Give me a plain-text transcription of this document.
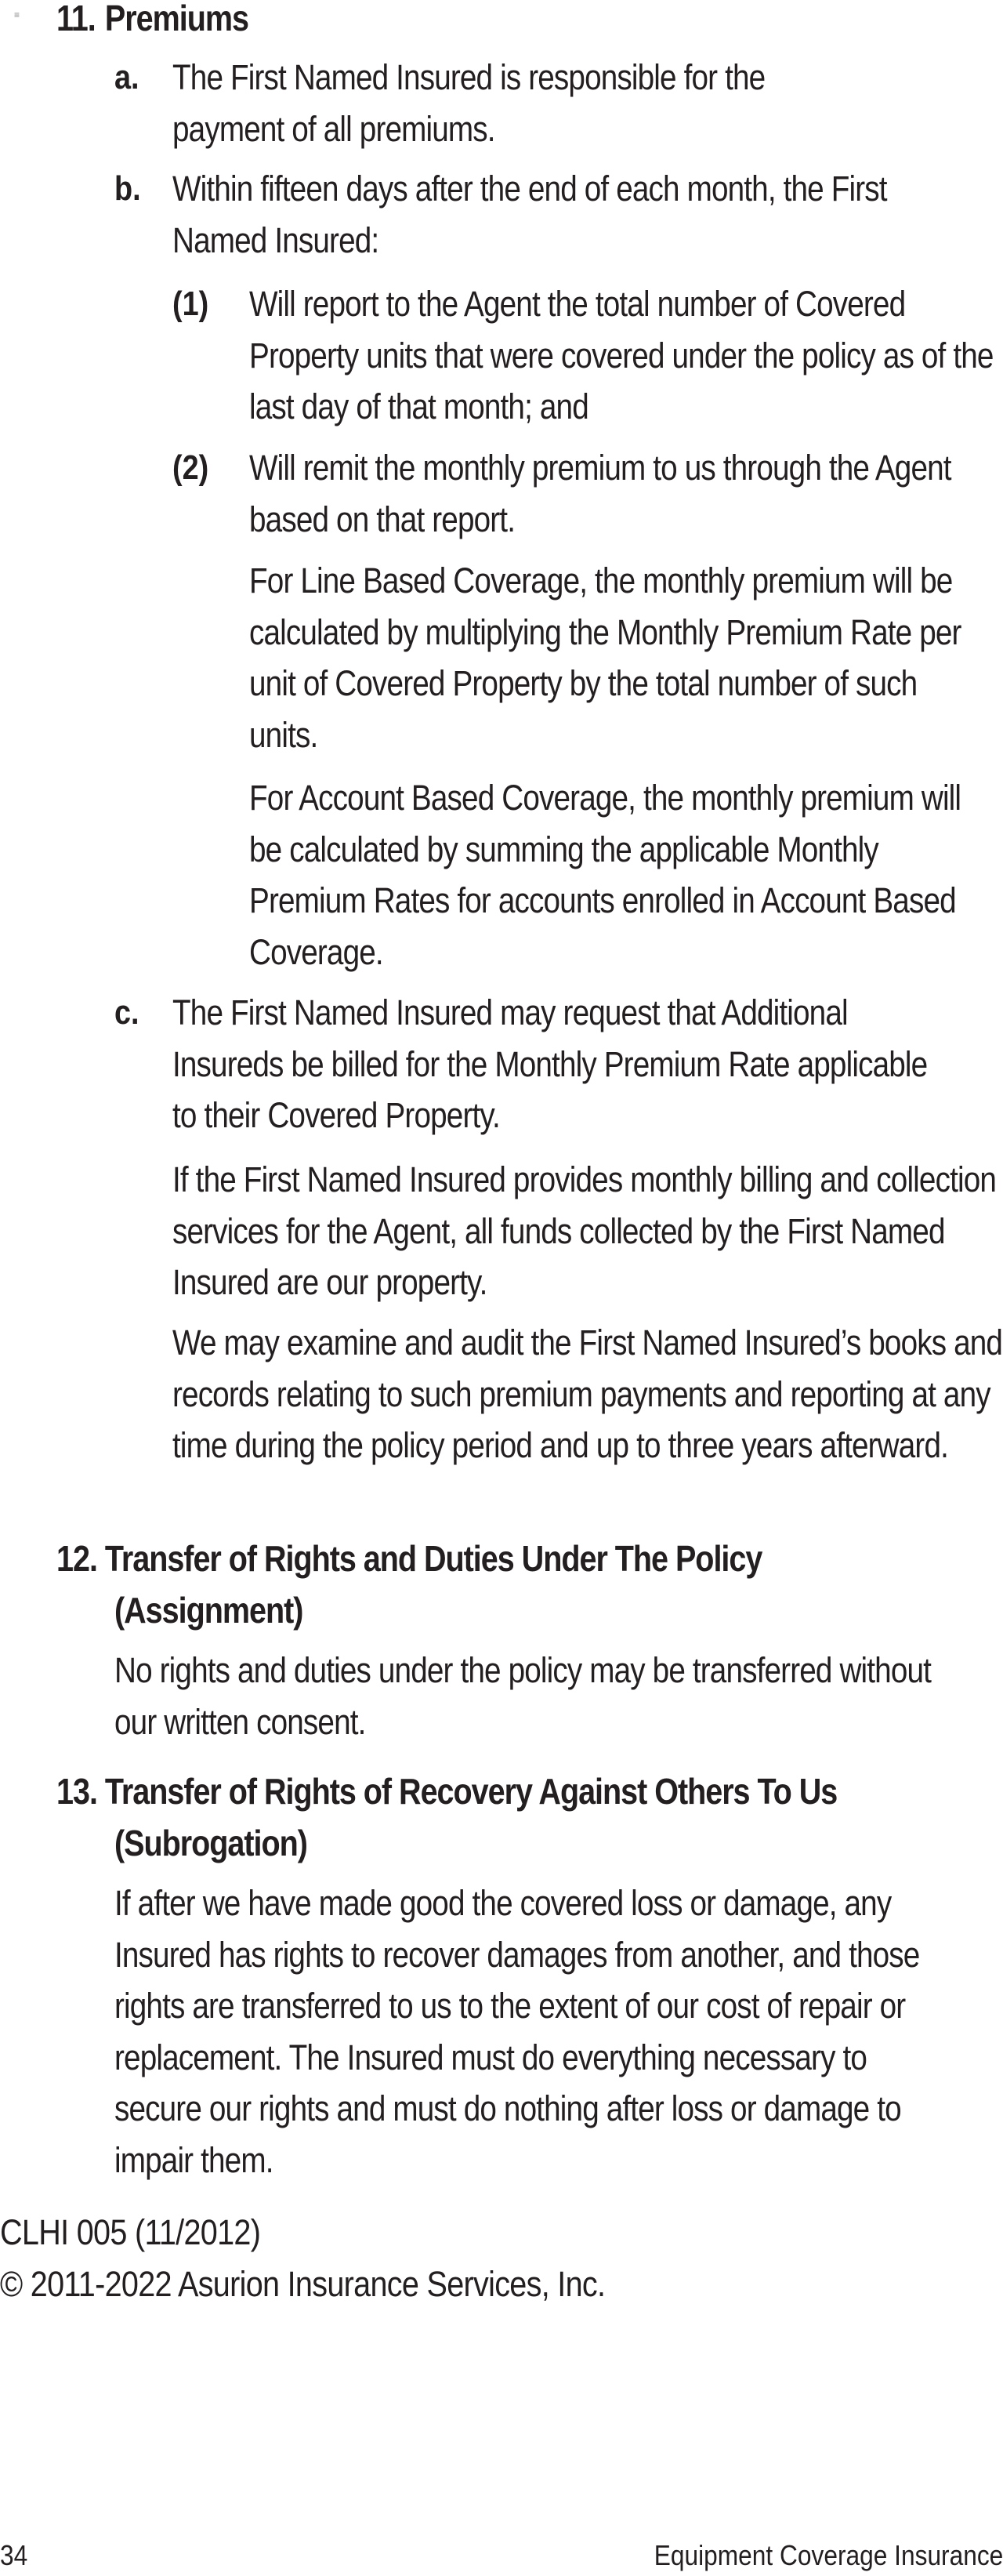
≡ 11. Premiums
a. The First Named Insured is responsible for the payment of all premiums.
b. Within fifteen days after the end of each month, the First Named Insured:
(1) Will report to the Agent the total number of Covered Property units that were covered under the policy as of the last day of that month; and
(2) Will remit the monthly premium to us through the Agent based on that report.
For Line Based Coverage, the monthly premium will be calculated by multiplying the Monthly Premium Rate per unit of Covered Property by the total number of such units.
For Account Based Coverage, the monthly premium will be calculated by summing the applicable Monthly Premium Rates for accounts enrolled in Account Based Coverage.
c. The First Named Insured may request that Additional Insureds be billed for the Monthly Premium Rate applicable to their Covered Property.
If the First Named Insured provides monthly billing and collection services for the Agent, all funds collected by the First Named Insured are our property.
We may examine and audit the First Named Insured’s books and records relating to such premium payments and reporting at any time during the policy period and up to three years afterward.
12. Transfer of Rights and Duties Under The Policy
(Assignment)
No rights and duties under the policy may be transferred without our written consent.
13. Transfer of Rights of Recovery Against Others To Us
(Subrogation)
If after we have made good the covered loss or damage, any Insured has rights to recover damages from another, and those rights are transferred to us to the extent of our cost of repair or replacement. The Insured must do everything necessary to secure our rights and must do nothing after loss or damage to impair them.
CLHI 005 (11/2012)
© 2011-2022 Asurion Insurance Services, Inc.
34	Equipment Coverage Insurance
